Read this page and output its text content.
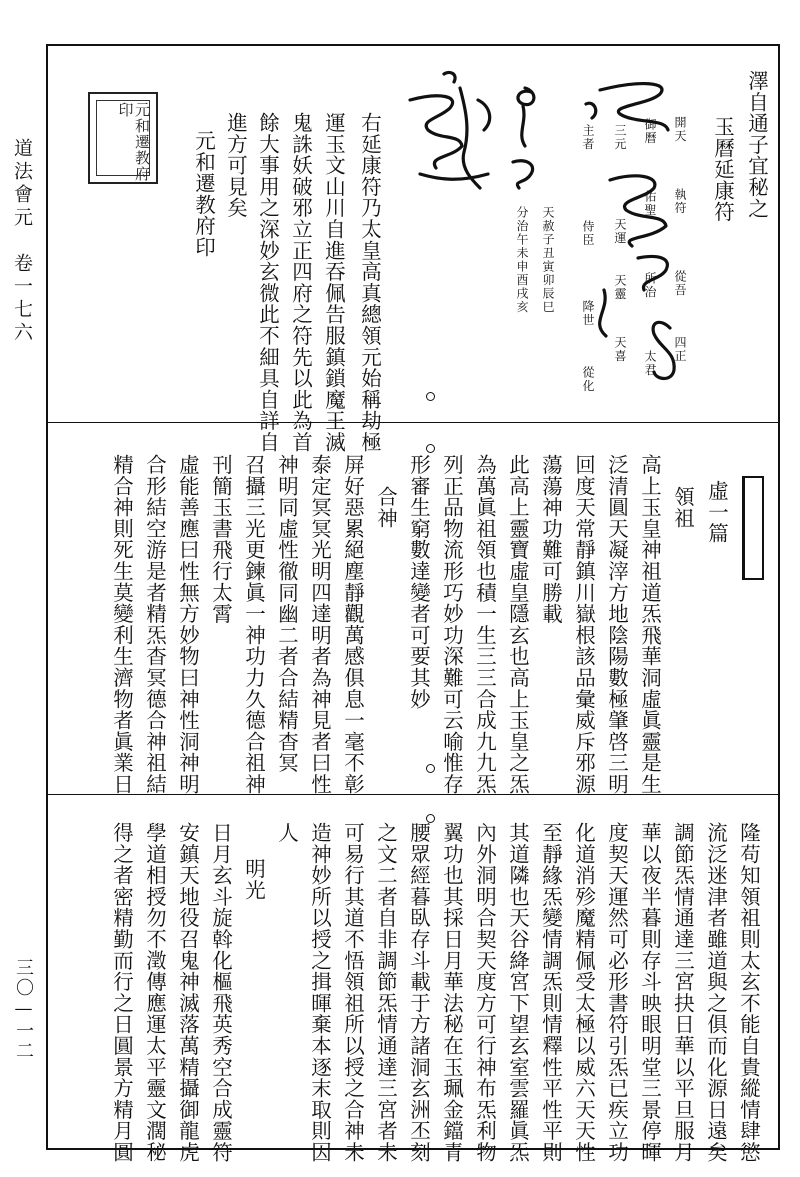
道法會元　卷一七六
三〇—一二
澤自通子宜秘之
玉曆延康符
開天
執符
從吾
御曆
佑聖
所治
四正
三元
天運
天靈
太君
主者
侍臣
降世
天喜
從化
天赦子丑寅卯辰巳
分治午未申酉戌亥
右延康符乃太皇高真總領元始稱劫極
運玉文山川自進吞佩告服鎮鎖魔王滅
鬼誅妖破邪立正四府之符先以此為首
餘大事用之深妙玄微此不細具自詳自
進方可見矣
元和遷教府印
元和遷教府印
虛一篇
領祖
高上玉皇神祖道炁飛華洞虛眞靈是生
泛清圓天凝滓方地陰陽數極肇啓三明
回度天常靜鎮川嶽根該品彙威斥邪源
蕩蕩神功難可勝載
此高上靈寶虛皇隱玄也高上玉皇之炁
為萬眞祖領也積一生三三合成九九炁
列正品物流形巧妙功深難可云喻惟存
形審生窮數達變者可要其妙
合神
屏好惡累絕塵靜觀萬感俱息一毫不彰
泰定冥冥光明四達明者為神見者曰性
神明同虛性徹同幽二者合結精杳冥
召攝三光更鍊眞一神功力久德合祖神
刊簡玉書飛行太霄
虛能善應曰性無方妙物曰神性洞神明
合形結空游是者精炁杳冥德合神祖結
精合神則死生莫變利生濟物者眞業日
隆苟知領祖則太玄不能自貴縱情肆慾
流泛迷津者雖道與之俱而化源日遠矣
調節炁情通達三宮抉日華以平旦服月
華以夜半暮則存斗映眼明堂三景停暉
度契天運然可必形書符引炁已疾立功
化道消殄魔精佩受太極以威六天天性
至靜緣炁變情調炁則情釋性平性平則
其道隣也天谷絳宮下望玄室雲羅眞炁
內外洞明合契天度方可行神布炁利物
翼功也其採日月華法秘在玉珮金鐺青
腰眾經暮臥存斗載于方諸洞玄洲丕刻
之文二者自非調節炁情通達三宮者未
可易行其道不悟領祖所以授之合神未
造神妙所以授之揖暉棄本逐末取則因
人
明光
日月玄斗旋斡化樞飛英秀空合成靈符
安鎮天地役召鬼神滅落萬精攝御龍虎
學道相授勿不澂傳應運太平靈文濶秘
得之者密精勤而行之日圓景方精月圓
